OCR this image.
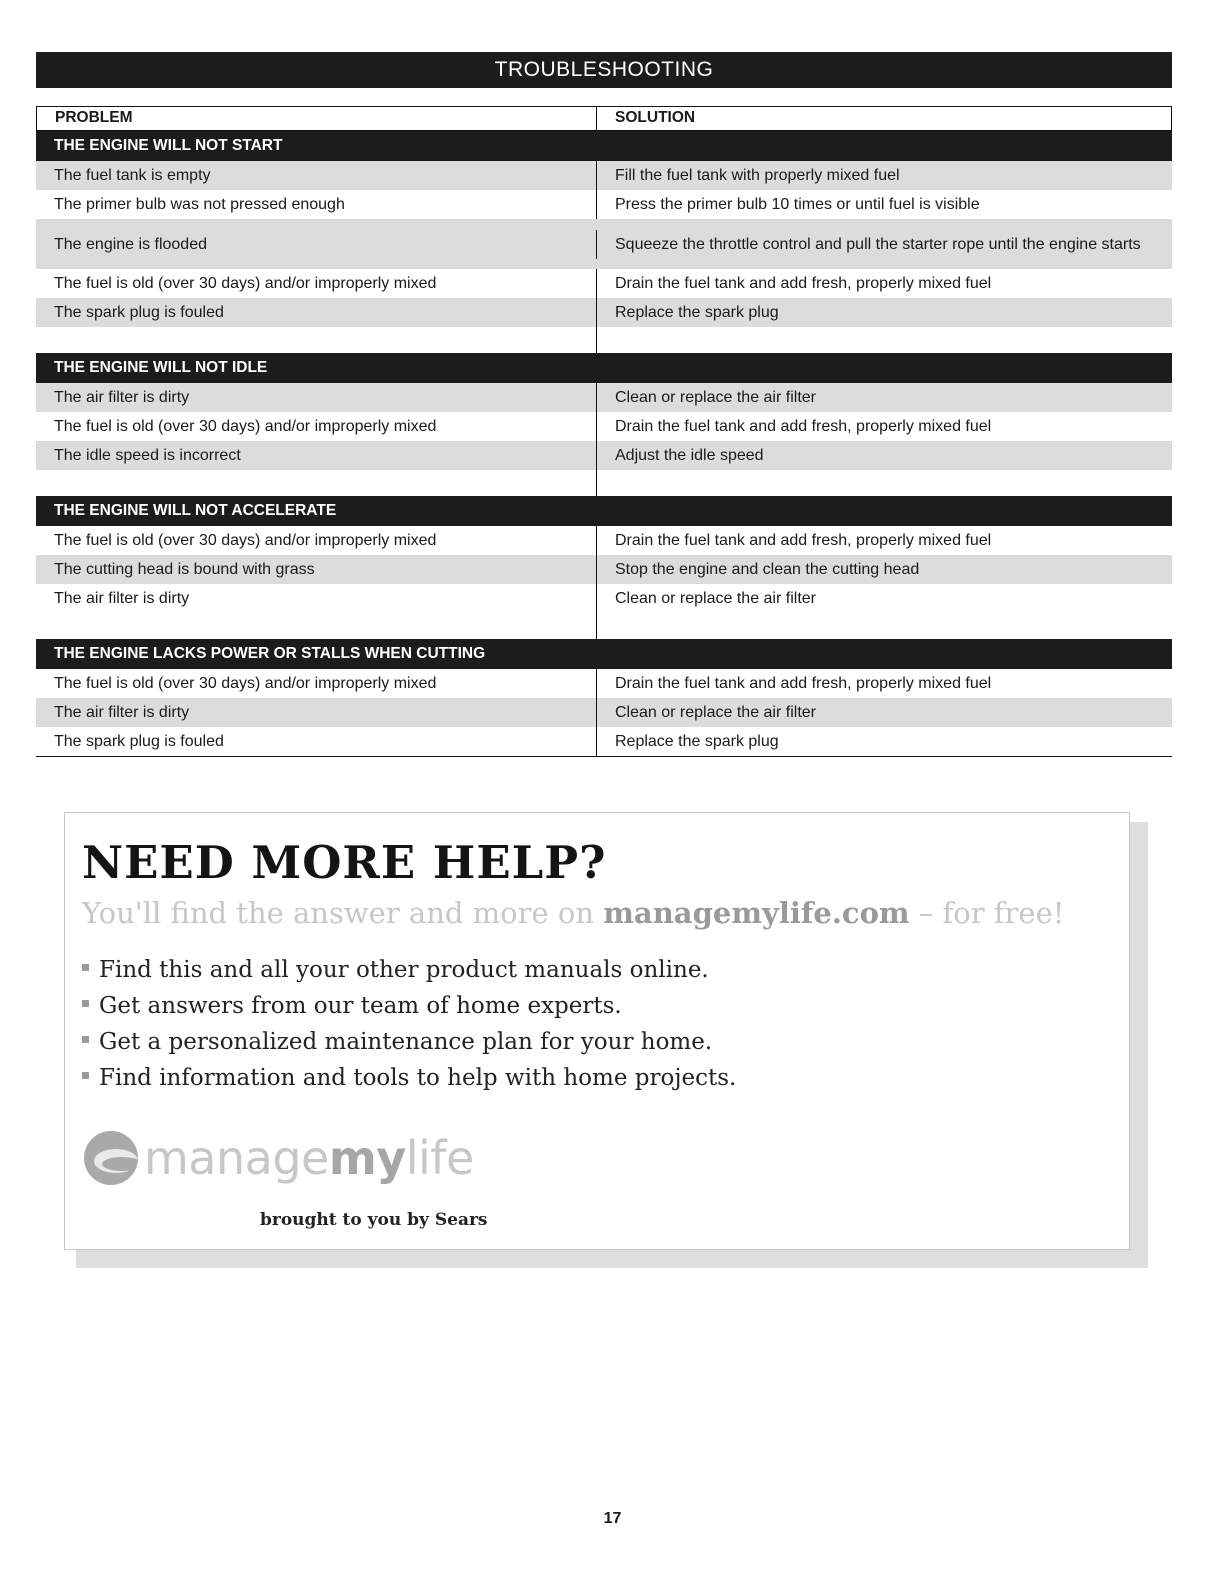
TROUBLESHOOTING
PROBLEM	SOLUTION
THE ENGINE WILL NOT START
The fuel tank is empty	Fill the fuel tank with properly mixed fuel
The primer bulb was not pressed enough	Press the primer bulb 10 times or until fuel is visible
The engine is flooded	Squeeze the throttle control and pull the starter rope until the engine starts
The fuel is old (over 30 days) and/or improperly mixed	Drain the fuel tank and add fresh, properly mixed fuel
The spark plug is fouled	Replace the spark plug
THE ENGINE WILL NOT IDLE
The air filter is dirty	Clean or replace the air filter
The fuel is old (over 30 days) and/or improperly mixed	Drain the fuel tank and add fresh, properly mixed fuel
The idle speed is incorrect	Adjust the idle speed
THE ENGINE WILL NOT ACCELERATE
The fuel is old (over 30 days) and/or improperly mixed	Drain the fuel tank and add fresh, properly mixed fuel
The cutting head is bound with grass	Stop the engine and clean the cutting head
The air filter is dirty	Clean or replace the air filter
THE ENGINE LACKS POWER OR STALLS WHEN CUTTING
The fuel is old (over 30 days) and/or improperly mixed	Drain the fuel tank and add fresh, properly mixed fuel
The air filter is dirty	Clean or replace the air filter
The spark plug is fouled	Replace the spark plug
NEED MORE HELP?

You'll find the answer and more on managemylife.com – for free!

Find this and all your other product manuals online.
Get answers from our team of home experts.
Get a personalized maintenance plan for your home.
Find information and tools to help with home projects.
managemylife

brought to you by Sears

17
